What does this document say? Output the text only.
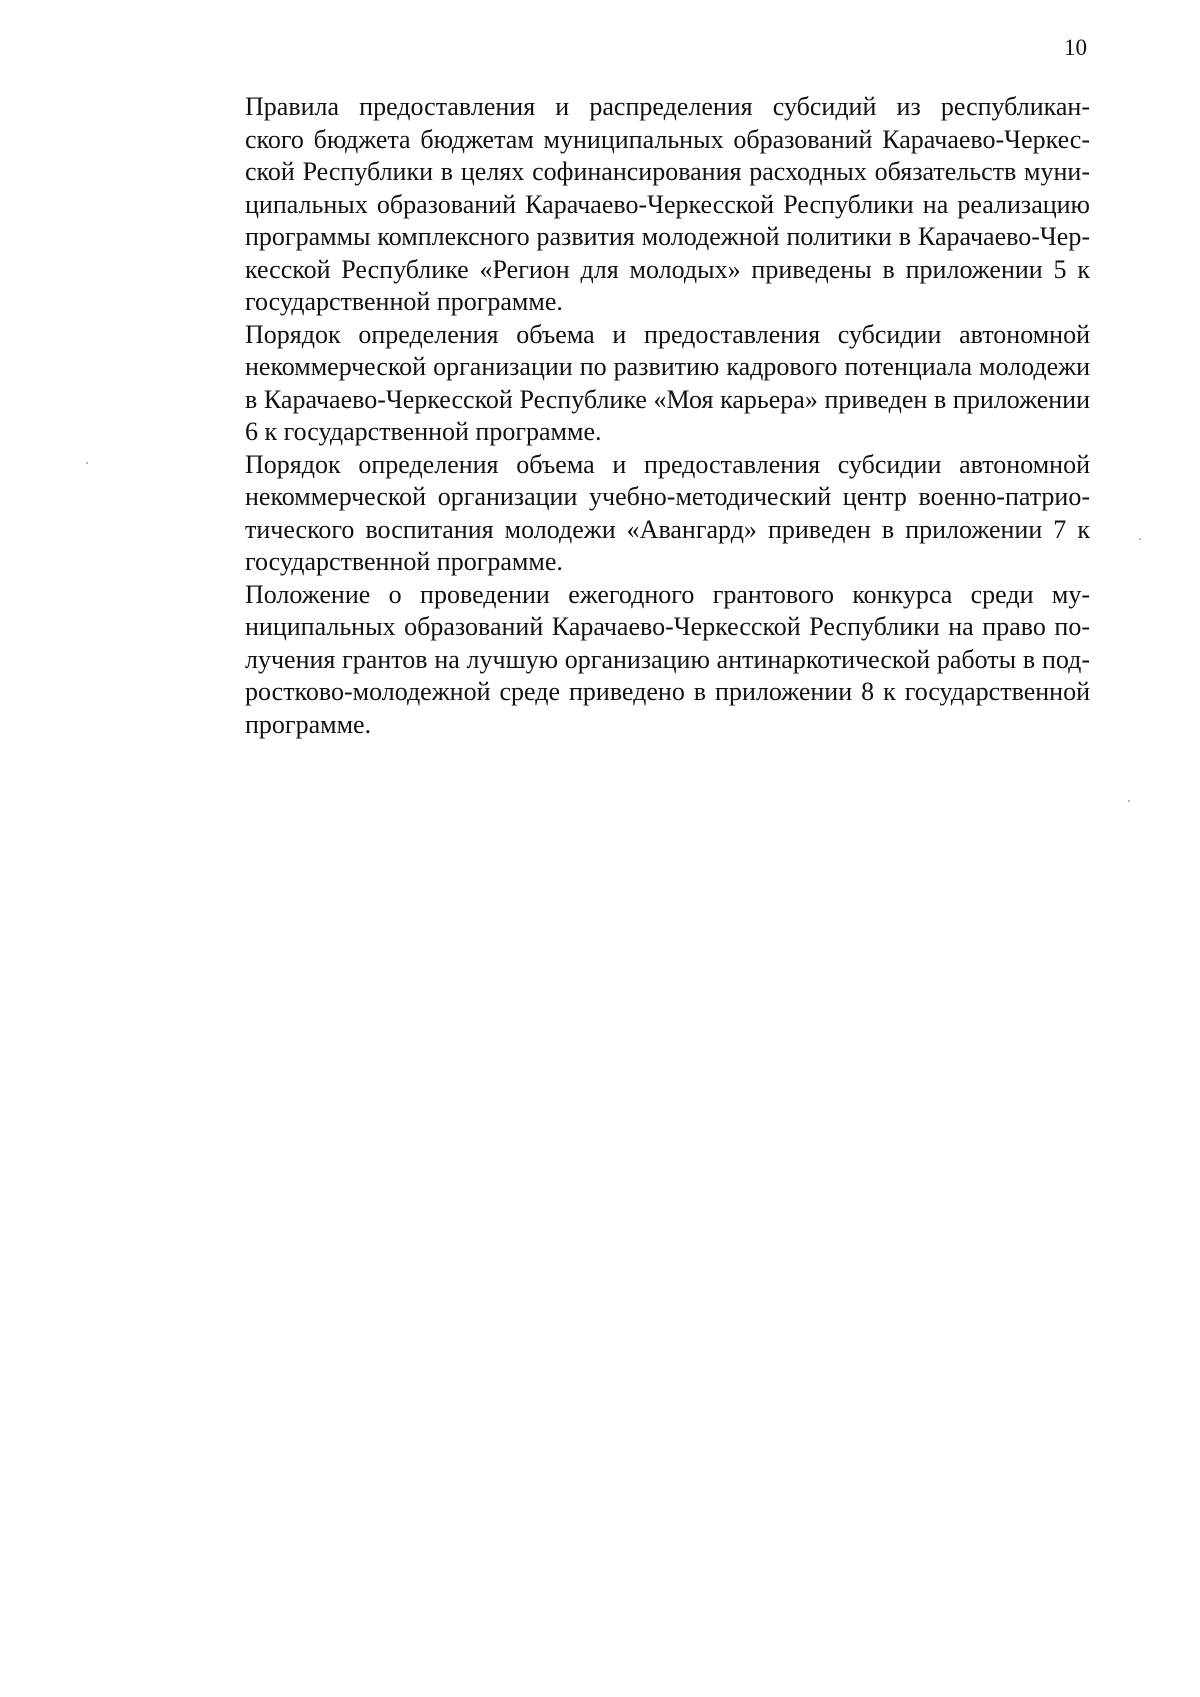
10

Правила предоставления и распределения субсидий из республикан-
ского бюджета бюджетам муниципальных образований Карачаево-Черкес-
ской Республики в целях софинансирования расходных обязательств муни-
ципальных образований Карачаево-Черкесской Республики на реализацию
программы комплексного развития молодежной политики в Карачаево-Чер-
кесской Республике «Регион для молодых» приведены в приложении 5 к
государственной программе.

Порядок определения объема и предоставления субсидии автономной
некоммерческой организации по развитию кадрового потенциала молодежи
в Карачаево-Черкесской Республике «Моя карьера» приведен в приложении
6 к государственной программе.

Порядок определения объема и предоставления субсидии автономной
некоммерческой организации учебно-методический центр военно-патрио-
тического воспитания молодежи «Авангард» приведен в приложении 7 к
государственной программе.

Положение о проведении ежегодного грантового конкурса среди му-
ниципальных образований Карачаево-Черкесской Республики на право по-
лучения грантов на лучшую организацию антинаркотической работы в под-
ростково-молодежной среде приведено в приложении 8 к государственной
программе.
